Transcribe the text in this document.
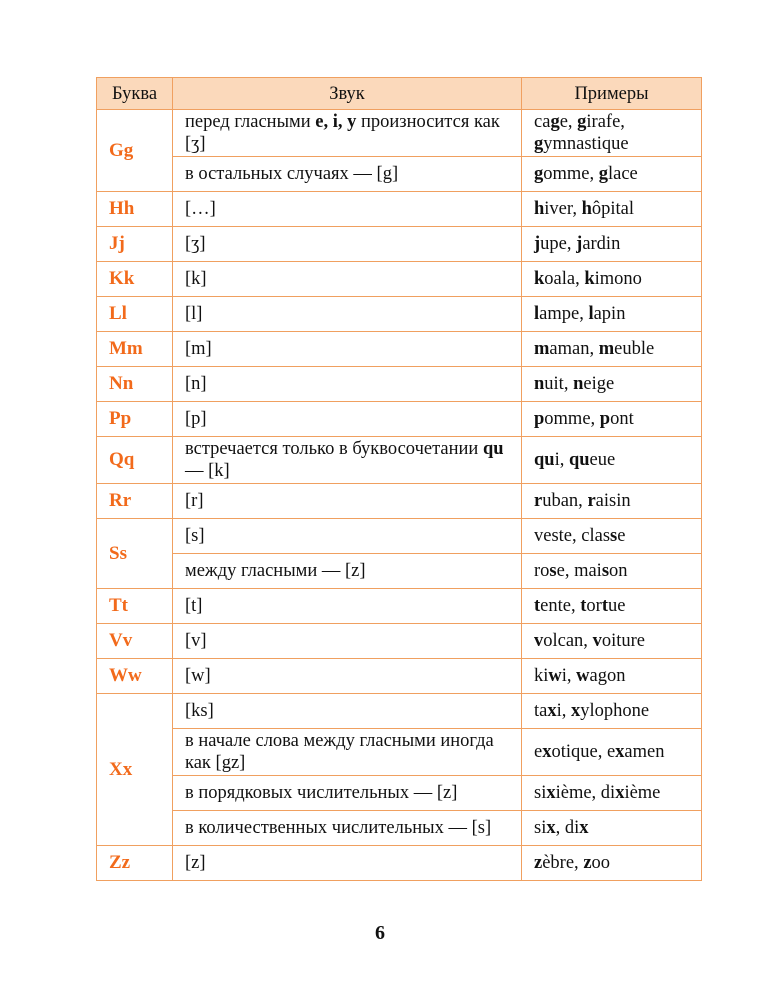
Буква	Звук	Примеры
Gg	перед гласными e, i, y произносится как [ʒ]	cage, girafe, gymnastique
	в остальных случаях — [g]	gomme, glace
Hh	[…]	hiver, hôpital
Jj	[ʒ]	jupe, jardin
Kk	[k]	koala, kimono
Ll	[l]	lampe, lapin
Mm	[m]	maman, meuble
Nn	[n]	nuit, neige
Pp	[p]	pomme, pont
Qq	встречается только в буквосочетании qu — [k]	qui, queue
Rr	[r]	ruban, raisin
Ss	[s]	veste, classe
	между гласными — [z]	rose, maison
Tt	[t]	tente, tortue
Vv	[v]	volcan, voiture
Ww	[w]	kiwi, wagon
Xx	[ks]	taxi, xylophone
	в начале слова между гласными иногда как [gz]	exotique, examen
	в порядковых числительных — [z]	sixième, dixième
	в количественных числительных — [s]	six, dix
Zz	[z]	zèbre, zoo
6
